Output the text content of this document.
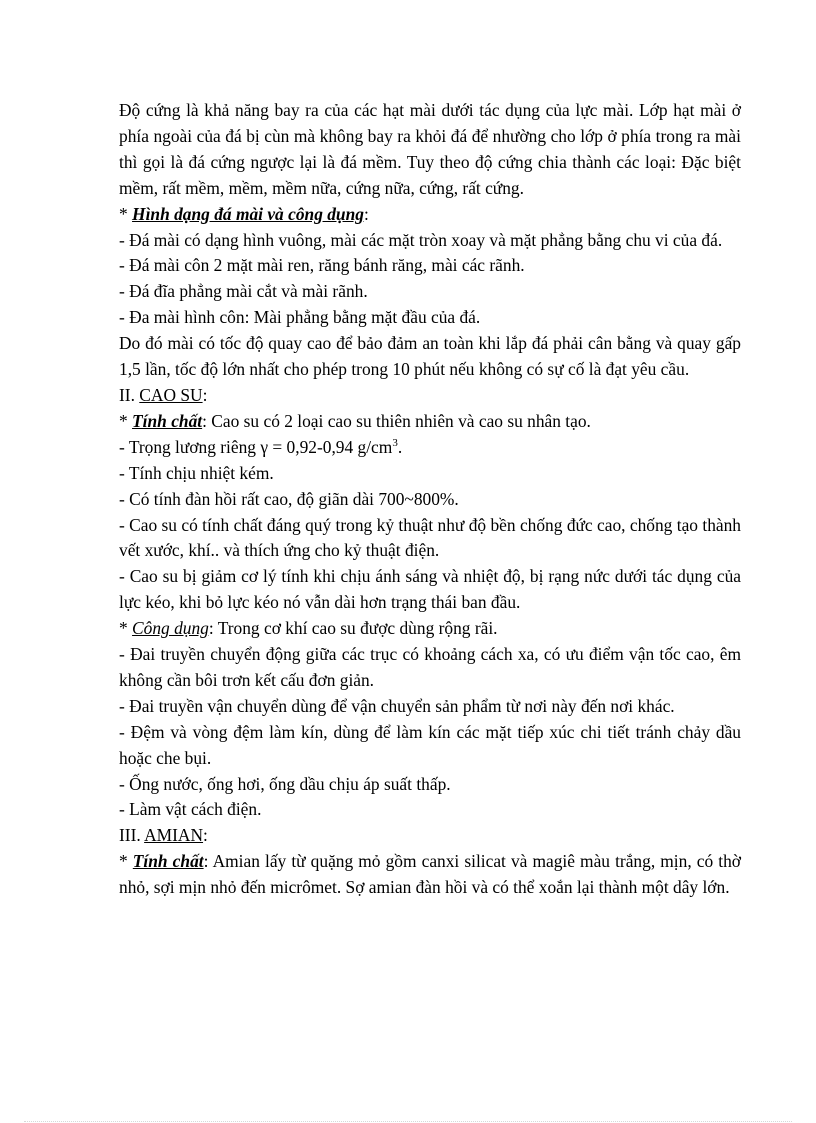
Độ cứng là khả năng bay ra của các hạt mài dưới tác dụng của lực mài. Lớp hạt mài ở phía ngoài của đá bị cùn mà không bay ra khỏi đá để nhường cho lớp ở phía trong ra mài thì gọi là đá cứng ngược lại là đá mềm. Tuy theo độ cứng chia thành các loại: Đặc biệt mềm, rất mềm, mềm, mềm nữa, cứng nữa, cứng, rất cứng.

* Hình dạng đá mài và công dụng:

- Đá mài có dạng hình vuông, mài các mặt tròn xoay và mặt phẳng bằng chu vi của đá.

- Đá mài côn 2 mặt mài ren, răng bánh răng, mài các rãnh.

- Đá đĩa phẳng mài cắt và mài rãnh.

- Đa mài hình côn: Mài phẳng bằng mặt đầu của đá.

Do đó mài có tốc độ quay cao để bảo đảm an toàn khi lắp đá phải cân bằng và quay gấp 1,5 lần, tốc độ lớn nhất cho phép trong 10 phút nếu không có sự cố là đạt yêu cầu.

II. CAO SU:

* Tính chất: Cao su có 2 loại cao su thiên nhiên và cao su nhân tạo.

- Trọng lương riêng γ = 0,92-0,94 $g/cm^3$.

- Tính chịu nhiệt kém.

- Có tính đàn hồi rất cao, độ giãn dài 700~800%.

- Cao su có tính chất đáng quý trong kỷ thuật như độ bền chống đức cao, chống tạo thành vết xước, khí.. và thích ứng cho kỷ thuật điện.

- Cao su bị giảm cơ lý tính khi chịu ánh sáng và nhiệt độ, bị rạng nức dưới tác dụng của lực kéo, khi bỏ lực kéo nó vẫn dài hơn trạng thái ban đầu.

* Công dụng: Trong cơ khí cao su được dùng rộng rãi.

- Đai truyền chuyển động giữa các trục có khoảng cách xa, có ưu điểm vận tốc cao, êm không cần bôi trơn kết cấu đơn giản.

- Đai truyền vận chuyển dùng để vận chuyển sản phẩm từ nơi này đến nơi khác.

- Đệm và vòng đệm làm kín, dùng để làm kín các mặt tiếp xúc chi tiết tránh chảy dầu hoặc che bụi.

- Ống nước, ống hơi, ống dầu chịu áp suất thấp.

- Làm vật cách điện.

III. AMIAN:

* Tính chất: Amian lấy từ quặng mỏ gồm canxi silicat và magiê màu trắng, mịn, có thờ nhỏ, sợi mịn nhỏ đến micrômet. Sợ amian đàn hồi và có thể xoắn lại thành một dây lớn.
